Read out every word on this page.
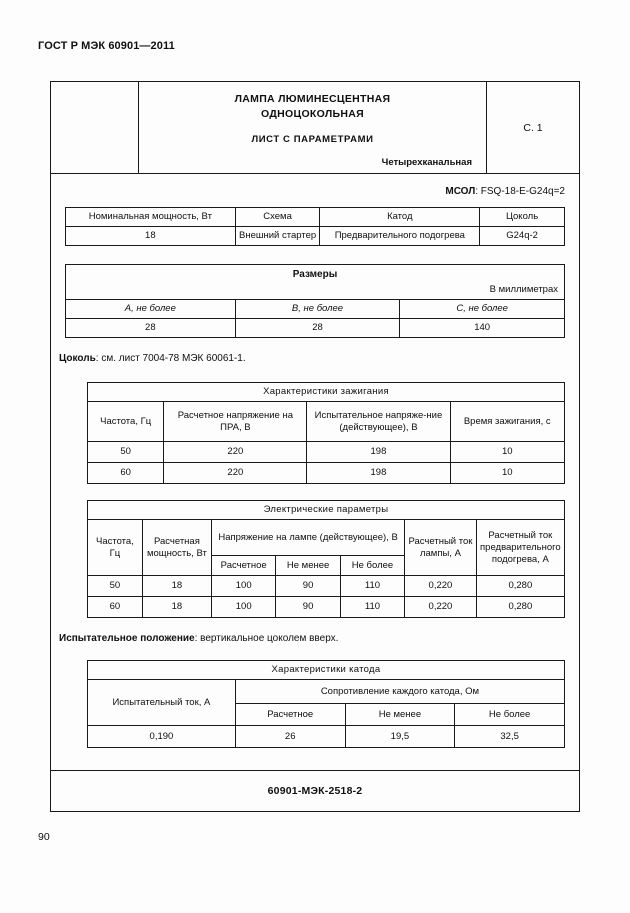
ГОСТ Р МЭК 60901—2011
ЛАМПА ЛЮМИНЕСЦЕНТНАЯ
ОДНОЦОКОЛЬНАЯ
ЛИСТ С ПАРАМЕТРАМИ
Четырехканальная
С. 1
МСОЛ: FSQ-18-E-G24q=2
Номинальная мощность, Вт	Схема	Катод	Цоколь
18	Внешний стартер	Предварительного подогрева	G24q-2
Размеры
В миллиметрах		

A, не более	B, не более	C, не более
28	28	140
Цоколь: см. лист 7004-78 МЭК 60061-1.
Характеристики зажигания			
Частота, Гц	Расчетное напряжение на ПРА, В	Испытательное напряже-ние (действующее), В	Время зажигания, с
50	220	198	10
60	220	198	10
Электрические параметры						
Частота, Гц	Расчетная мощность, Вт	Напряжение на лампе (действующее), В			Расчетный ток лампы, А	Расчетный ток предварительного подогрева, А
		Расчетное	Не менее	Не более		
50	18	100	90	110	0,220	0,280
60	18	100	90	110	0,220	0,280
Испытательное положение: вертикальное цоколем вверх.
Характеристики катода			
Испытательный ток, А	Сопротивление каждого катода, Ом		
	Расчетное	Не менее	Не более
0,190	26	19,5	32,5
60901-МЭК-2518-2
90
